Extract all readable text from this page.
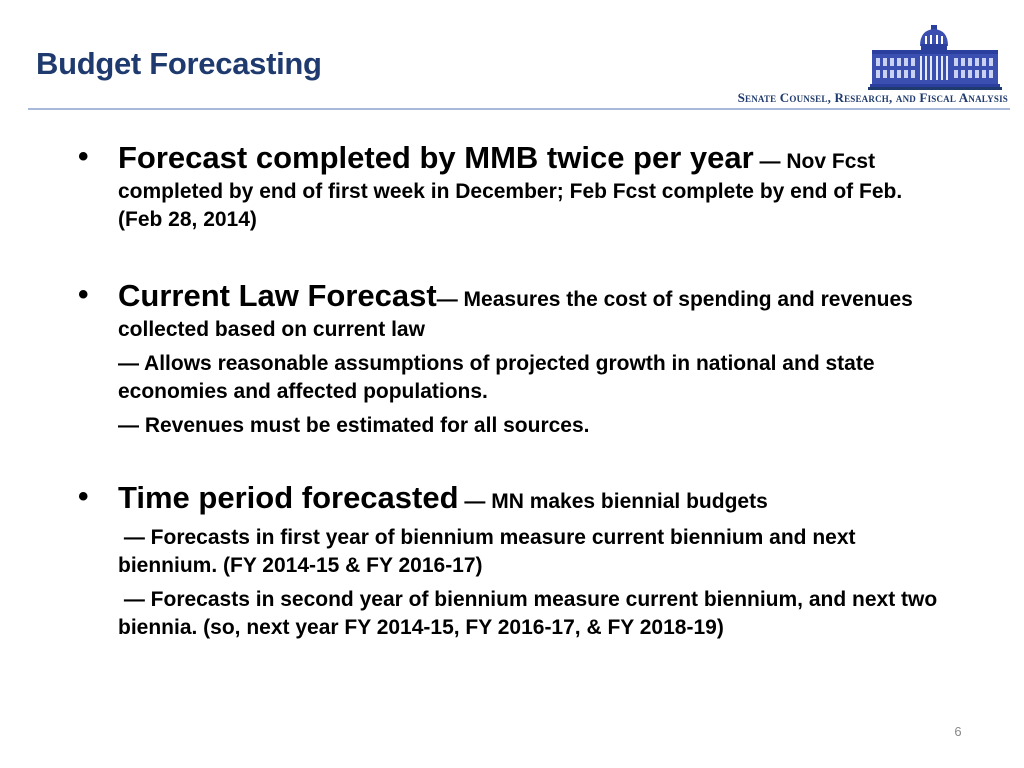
Budget Forecasting
Senate Counsel, Research, and Fiscal Analysis
• Forecast completed by MMB twice per year — Nov Fcst completed by end of first week in December; Feb Fcst complete by end of Feb. (Feb 28, 2014)
• Current Law Forecast— Measures the cost of spending and revenues collected based on current law
— Allows reasonable assumptions of projected growth in national and state economies and affected populations.
— Revenues must be estimated for all sources.
• Time period forecasted — MN makes biennial budgets
— Forecasts in first year of biennium measure current biennium and next biennium. (FY 2014-15 & FY 2016-17)
— Forecasts in second year of biennium measure current biennium, and next two biennia. (so, next year FY 2014-15, FY 2016-17, & FY 2018-19)
6
